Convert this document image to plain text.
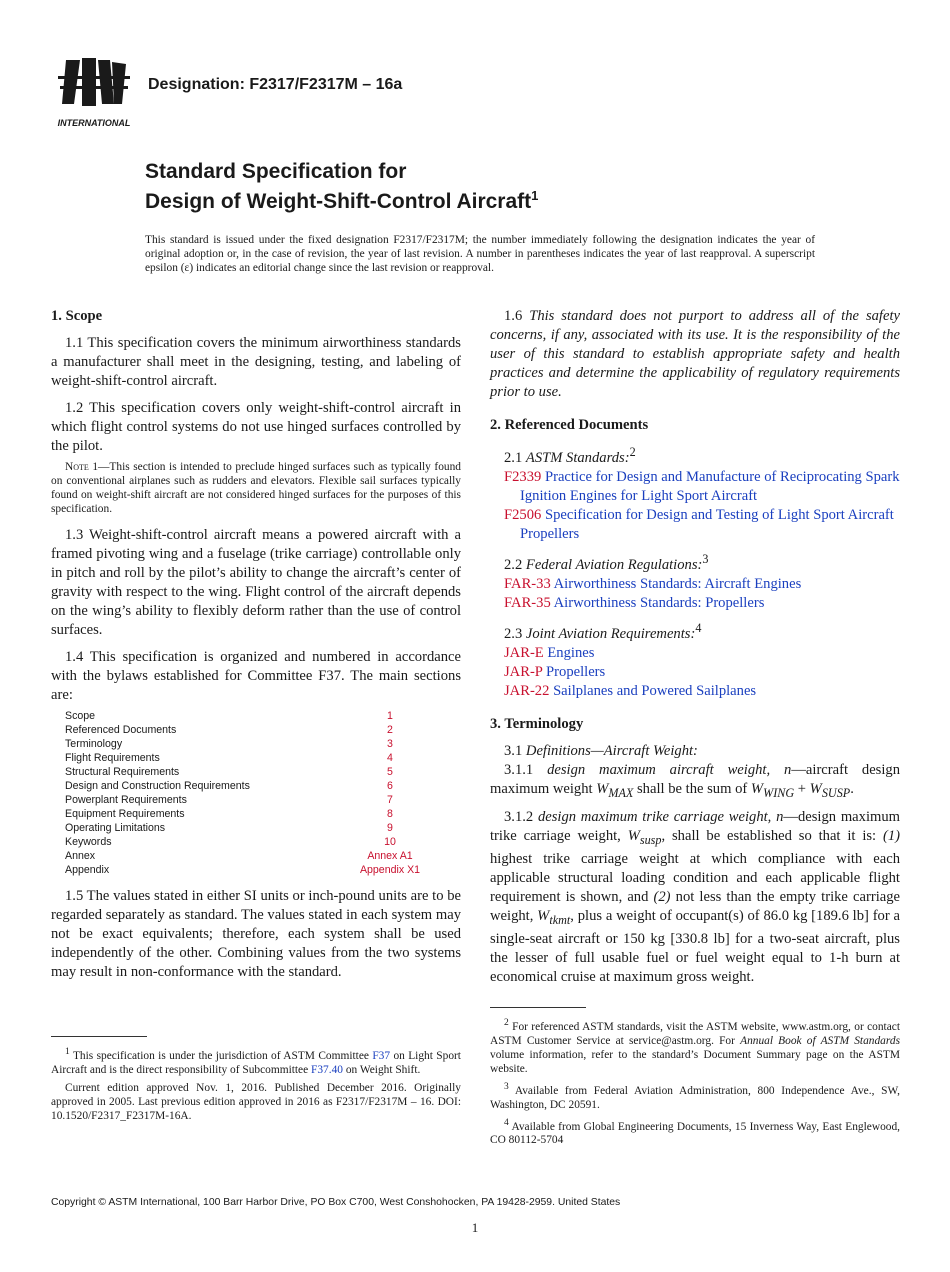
INTERNATIONAL
Designation: F2317/F2317M – 16a
Standard Specification for
Design of Weight-Shift-Control Aircraft$^1$
This standard is issued under the fixed designation F2317/F2317M; the number immediately following the designation indicates the year of original adoption or, in the case of revision, the year of last revision. A number in parentheses indicates the year of last reapproval. A superscript epsilon (ε) indicates an editorial change since the last revision or reapproval.
1. Scope

1.1 This specification covers the minimum airworthiness standards a manufacturer shall meet in the designing, testing, and labeling of weight-shift-control aircraft.

1.2 This specification covers only weight-shift-control aircraft in which flight control systems do not use hinged surfaces controlled by the pilot.

Note 1—This section is intended to preclude hinged surfaces such as typically found on conventional airplanes such as rudders and elevators. Flexible sail surfaces typically found on weight-shift aircraft are not considered hinged surfaces for the purposes of this specification.

1.3 Weight-shift-control aircraft means a powered aircraft with a framed pivoting wing and a fuselage (trike carriage) controllable only in pitch and roll by the pilot’s ability to change the aircraft’s center of gravity with respect to the wing. Flight control of the aircraft depends on the wing’s ability to flexibly deform rather than the use of control surfaces.

1.4 This specification is organized and numbered in accordance with the bylaws established for Committee F37. The main sections are:

Scope	1
Referenced Documents	2
Terminology	3
Flight Requirements	4
Structural Requirements	5
Design and Construction Requirements	6
Powerplant Requirements	7
Equipment Requirements	8
Operating Limitations	9
Keywords	10
Annex	Annex A1
Appendix	Appendix X1

1.5 The values stated in either SI units or inch-pound units are to be regarded separately as standard. The values stated in each system may not be exact equivalents; therefore, each system shall be used independently of the other. Combining values from the two systems may result in non-conformance with the standard.

1.6 This standard does not purport to address all of the safety concerns, if any, associated with its use. It is the responsibility of the user of this standard to establish appropriate safety and health practices and determine the applicability of regulatory requirements prior to use.

2. Referenced Documents
2.1 ASTM Standards:$^2$
F2339 Practice for Design and Manufacture of Reciprocating Spark Ignition Engines for Light Sport Aircraft
F2506 Specification for Design and Testing of Light Sport Aircraft Propellers
2.2 Federal Aviation Regulations:$^3$
FAR-33 Airworthiness Standards: Aircraft Engines
FAR-35 Airworthiness Standards: Propellers
2.3 Joint Aviation Requirements:$^4$
JAR-E Engines
JAR-P Propellers
JAR-22 Sailplanes and Powered Sailplanes
3. Terminology

3.1 Definitions—Aircraft Weight:

3.1.1 design maximum aircraft weight, n—aircraft design maximum weight $W_{MAX}$ shall be the sum of $W_{WING} + W_{SUSP}$.

3.1.2 design maximum trike carriage weight, n—design maximum trike carriage weight, $W_{susp}$, shall be established so that it is: (1) highest trike carriage weight at which compliance with each applicable structural loading condition and each applicable flight requirement is shown, and (2) not less than the empty trike carriage weight, $W_{tkmt}$, plus a weight of occupant(s) of 86.0 kg [189.6 lb] for a single-seat aircraft or 150 kg [330.8 lb] for a two-seat aircraft, plus the lesser of full usable fuel or fuel weight equal to 1-h burn at economical cruise at maximum gross weight.

$^1$ This specification is under the jurisdiction of ASTM Committee F37 on Light Sport Aircraft and is the direct responsibility of Subcommittee F37.40 on Weight Shift.

Current edition approved Nov. 1, 2016. Published December 2016. Originally approved in 2005. Last previous edition approved in 2016 as F2317/F2317M – 16. DOI: 10.1520/F2317_F2317M-16A.

$^2$ For referenced ASTM standards, visit the ASTM website, www.astm.org, or contact ASTM Customer Service at service@astm.org. For Annual Book of ASTM Standards volume information, refer to the standard’s Document Summary page on the ASTM website.

$^3$ Available from Federal Aviation Administration, 800 Independence Ave., SW, Washington, DC 20591.

$^4$ Available from Global Engineering Documents, 15 Inverness Way, East Englewood, CO 80112-5704

Copyright © ASTM International, 100 Barr Harbor Drive, PO Box C700, West Conshohocken, PA 19428-2959. United States
1
